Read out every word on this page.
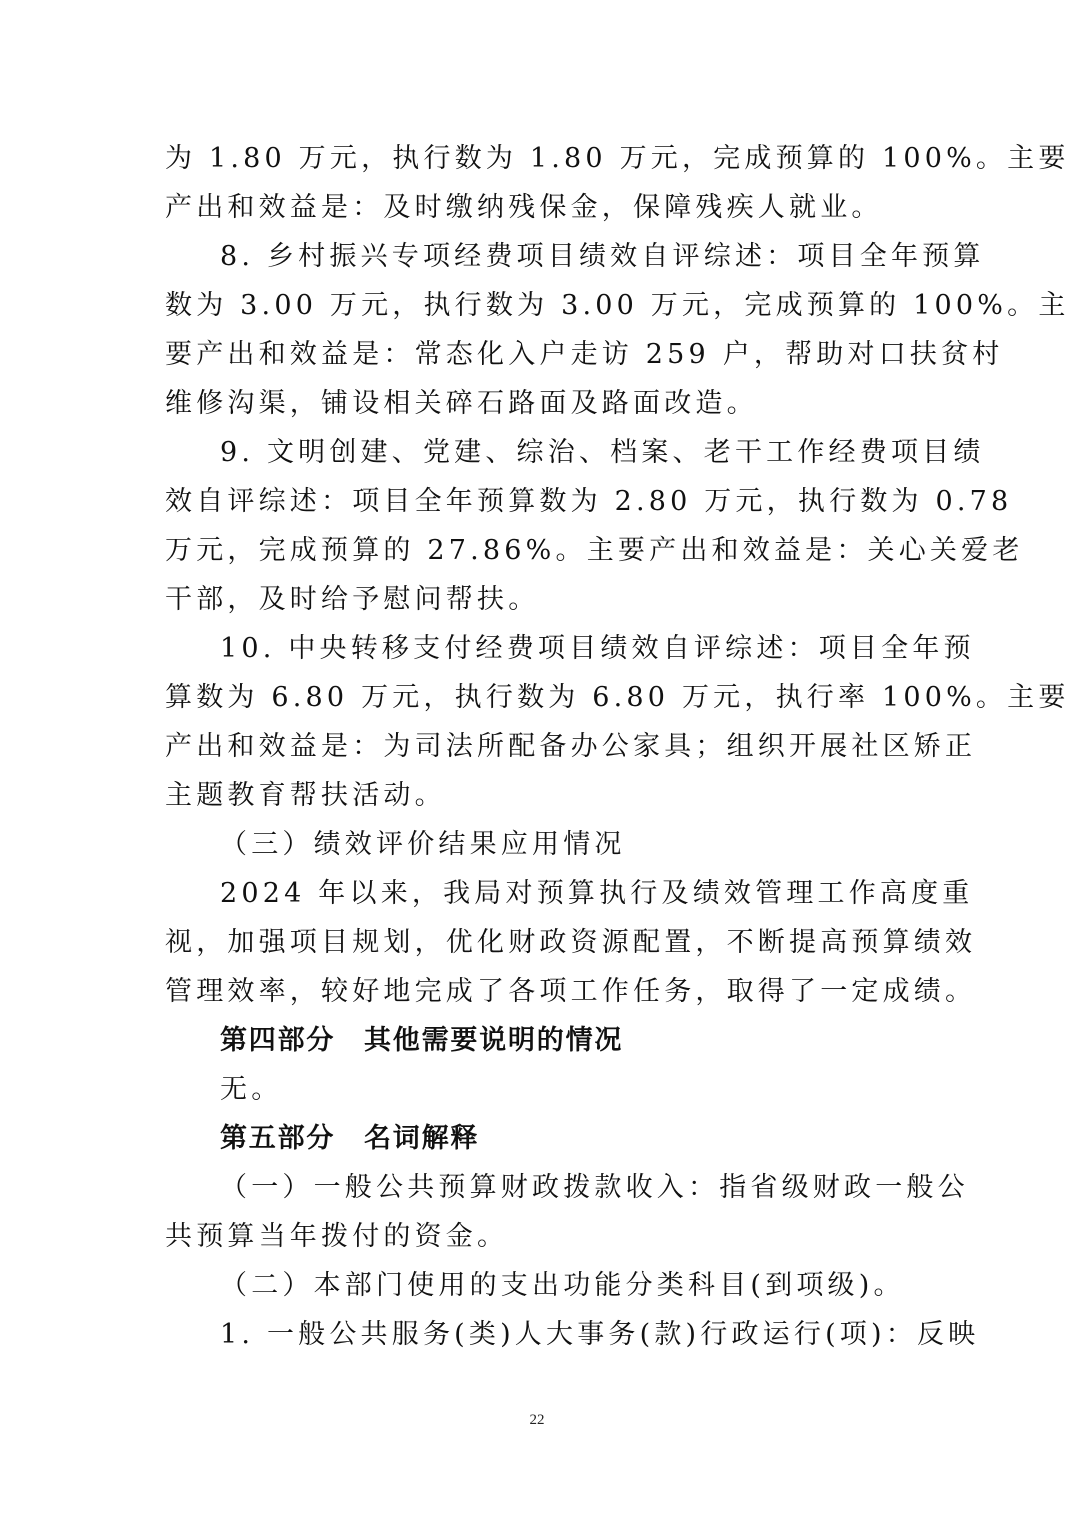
为 1.80 万元，执行数为 1.80 万元，完成预算的 100%。主要
产出和效益是：及时缴纳残保金，保障残疾人就业。
8. 乡村振兴专项经费项目绩效自评综述：项目全年预算
数为 3.00 万元，执行数为 3.00 万元，完成预算的 100%。主
要产出和效益是：常态化入户走访 259 户，帮助对口扶贫村
维修沟渠，铺设相关碎石路面及路面改造。
9. 文明创建、党建、综治、档案、老干工作经费项目绩
效自评综述：项目全年预算数为 2.80 万元，执行数为 0.78
万元，完成预算的 27.86%。主要产出和效益是：关心关爱老
干部，及时给予慰问帮扶。
10. 中央转移支付经费项目绩效自评综述：项目全年预
算数为 6.80 万元，执行数为 6.80 万元，执行率 100%。主要
产出和效益是：为司法所配备办公家具；组织开展社区矫正
主题教育帮扶活动。
（三）绩效评价结果应用情况
2024 年以来，我局对预算执行及绩效管理工作高度重
视，加强项目规划，优化财政资源配置，不断提高预算绩效
管理效率，较好地完成了各项工作任务，取得了一定成绩。
第四部分　其他需要说明的情况
无。
第五部分　名词解释
（一）一般公共预算财政拨款收入：指省级财政一般公
共预算当年拨付的资金。
（二）本部门使用的支出功能分类科目(到项级)。
1. 一般公共服务(类)人大事务(款)行政运行(项)：反映
22
